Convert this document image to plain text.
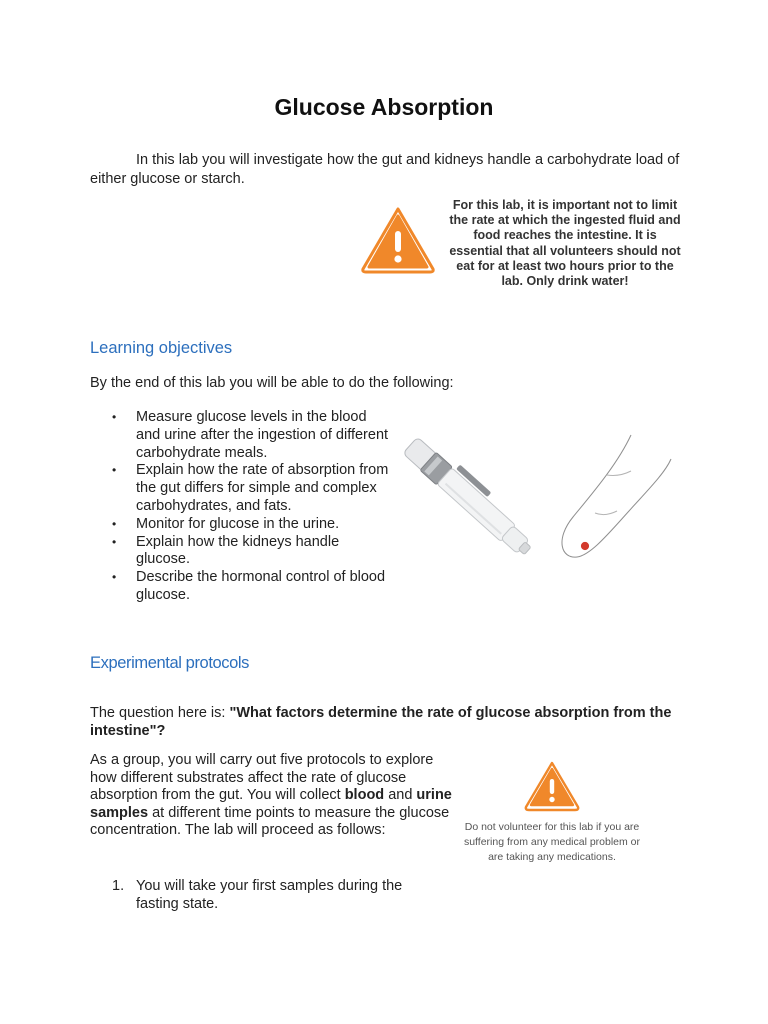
Glucose Absorption

In this lab you will investigate how the gut and kidneys handle a carbohydrate load of either glucose or starch.

For this lab, it is important not to limit the rate at which the ingested fluid and food reaches the intestine. It is essential that all volunteers should not eat for at least two hours prior to the lab. Only drink water!

Learning objectives

By the end of this lab you will be able to do the following:

• Measure glucose levels in the blood and urine after the ingestion of different carbohydrate meals.
• Explain how the rate of absorption from the gut differs for simple and complex carbohydrates, and fats.
• Monitor for glucose in the urine.
• Explain how the kidneys handle glucose.
• Describe the hormonal control of blood glucose.
Experimental protocols

The question here is: "What factors determine the rate of glucose absorption from the intestine"?

As a group, you will carry out five protocols to explore how different substrates affect the rate of glucose absorption from the gut. You will collect blood and urine samples at different time points to measure the glucose concentration. The lab will proceed as follows:	Do not volunteer for this lab if you are suffering from any medical problem or are taking any medications.

1. You will take your first samples during the fasting state.
